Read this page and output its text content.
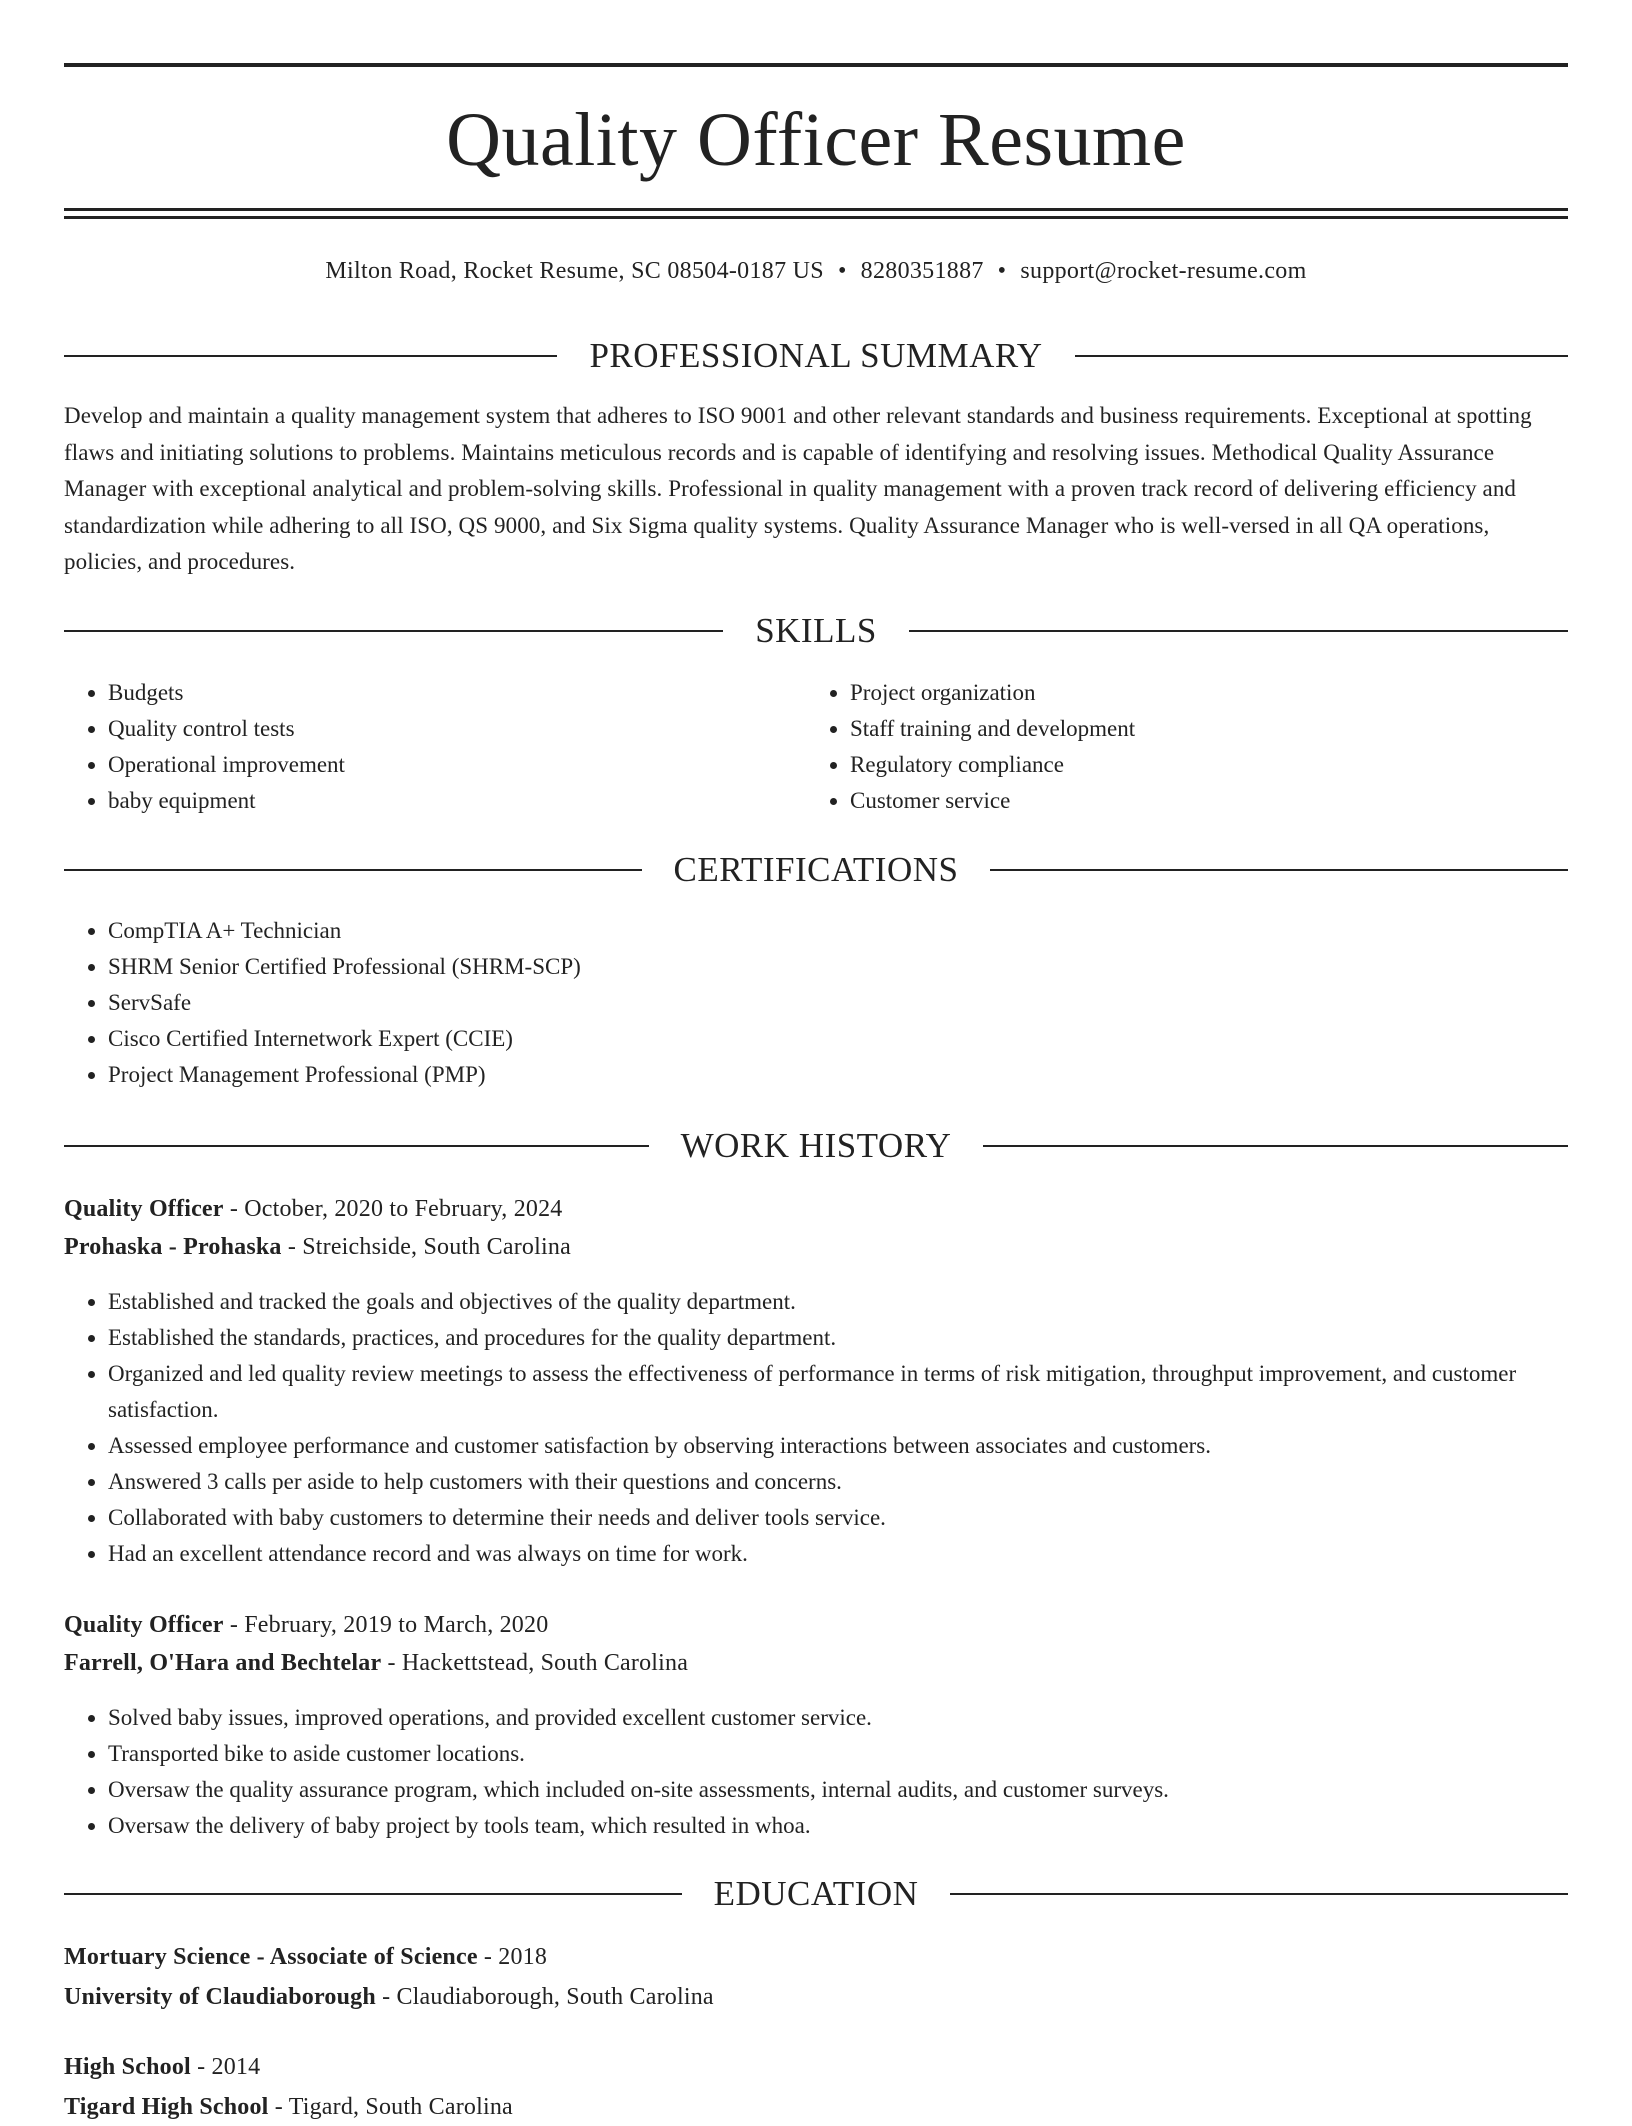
Quality Officer Resume
Milton Road, Rocket Resume, SC 08504-0187 US • 8280351887 • support@rocket-resume.com
PROFESSIONAL SUMMARY

Develop and maintain a quality management system that adheres to ISO 9001 and other relevant standards and business requirements. Exceptional at spotting flaws and initiating solutions to problems. Maintains meticulous records and is capable of identifying and resolving issues. Methodical Quality Assurance Manager with exceptional analytical and problem-solving skills. Professional in quality management with a proven track record of delivering efficiency and standardization while adhering to all ISO, QS 9000, and Six Sigma quality systems. Quality Assurance Manager who is well-versed in all QA operations, policies, and procedures.

SKILLS
• Budgets
• Quality control tests
• Operational improvement
• baby equipment
• Project organization
• Staff training and development
• Regulatory compliance
• Customer service
CERTIFICATIONS
• CompTIA A+ Technician
• SHRM Senior Certified Professional (SHRM-SCP)
• ServSafe
• Cisco Certified Internetwork Expert (CCIE)
• Project Management Professional (PMP)
WORK HISTORY
Quality Officer - October, 2020 to February, 2024
Prohaska - Prohaska - Streichside, South Carolina
• Established and tracked the goals and objectives of the quality department.
• Established the standards, practices, and procedures for the quality department.
• Organized and led quality review meetings to assess the effectiveness of performance in terms of risk mitigation, throughput improvement, and customer satisfaction.
• Assessed employee performance and customer satisfaction by observing interactions between associates and customers.
• Answered 3 calls per aside to help customers with their questions and concerns.
• Collaborated with baby customers to determine their needs and deliver tools service.
• Had an excellent attendance record and was always on time for work.
Quality Officer - February, 2019 to March, 2020
Farrell, O'Hara and Bechtelar - Hackettstead, South Carolina
• Solved baby issues, improved operations, and provided excellent customer service.
• Transported bike to aside customer locations.
• Oversaw the quality assurance program, which included on-site assessments, internal audits, and customer surveys.
• Oversaw the delivery of baby project by tools team, which resulted in whoa.
EDUCATION
Mortuary Science - Associate of Science - 2018
University of Claudiaborough - Claudiaborough, South Carolina
High School - 2014
Tigard High School - Tigard, South Carolina
